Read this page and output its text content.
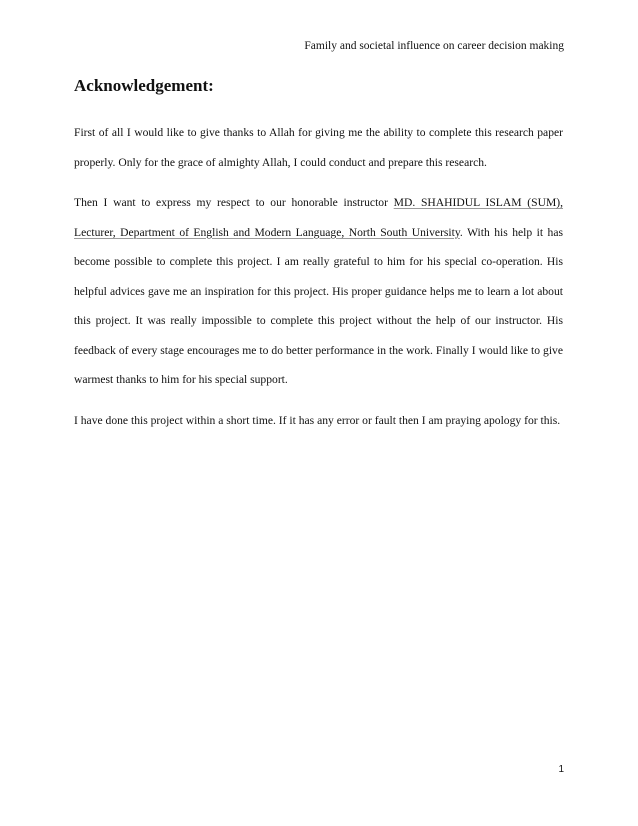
Family and societal influence on career decision making
Acknowledgement:

First of all I would like to give thanks to Allah for giving me the ability to complete this research paper properly. Only for the grace of almighty Allah, I could conduct and prepare this research.

Then I want to express my respect to our honorable instructor MD. SHAHIDUL ISLAM (SUM), Lecturer, Department of English and Modern Language, North South University. With his help it has become possible to complete this project. I am really grateful to him for his special co-operation. His helpful advices gave me an inspiration for this project. His proper guidance helps me to learn a lot about this project. It was really impossible to complete this project without the help of our instructor. His feedback of every stage encourages me to do better performance in the work. Finally I would like to give warmest thanks to him for his special support.

I have done this project within a short time. If it has any error or fault then I am praying apology for this.

1
